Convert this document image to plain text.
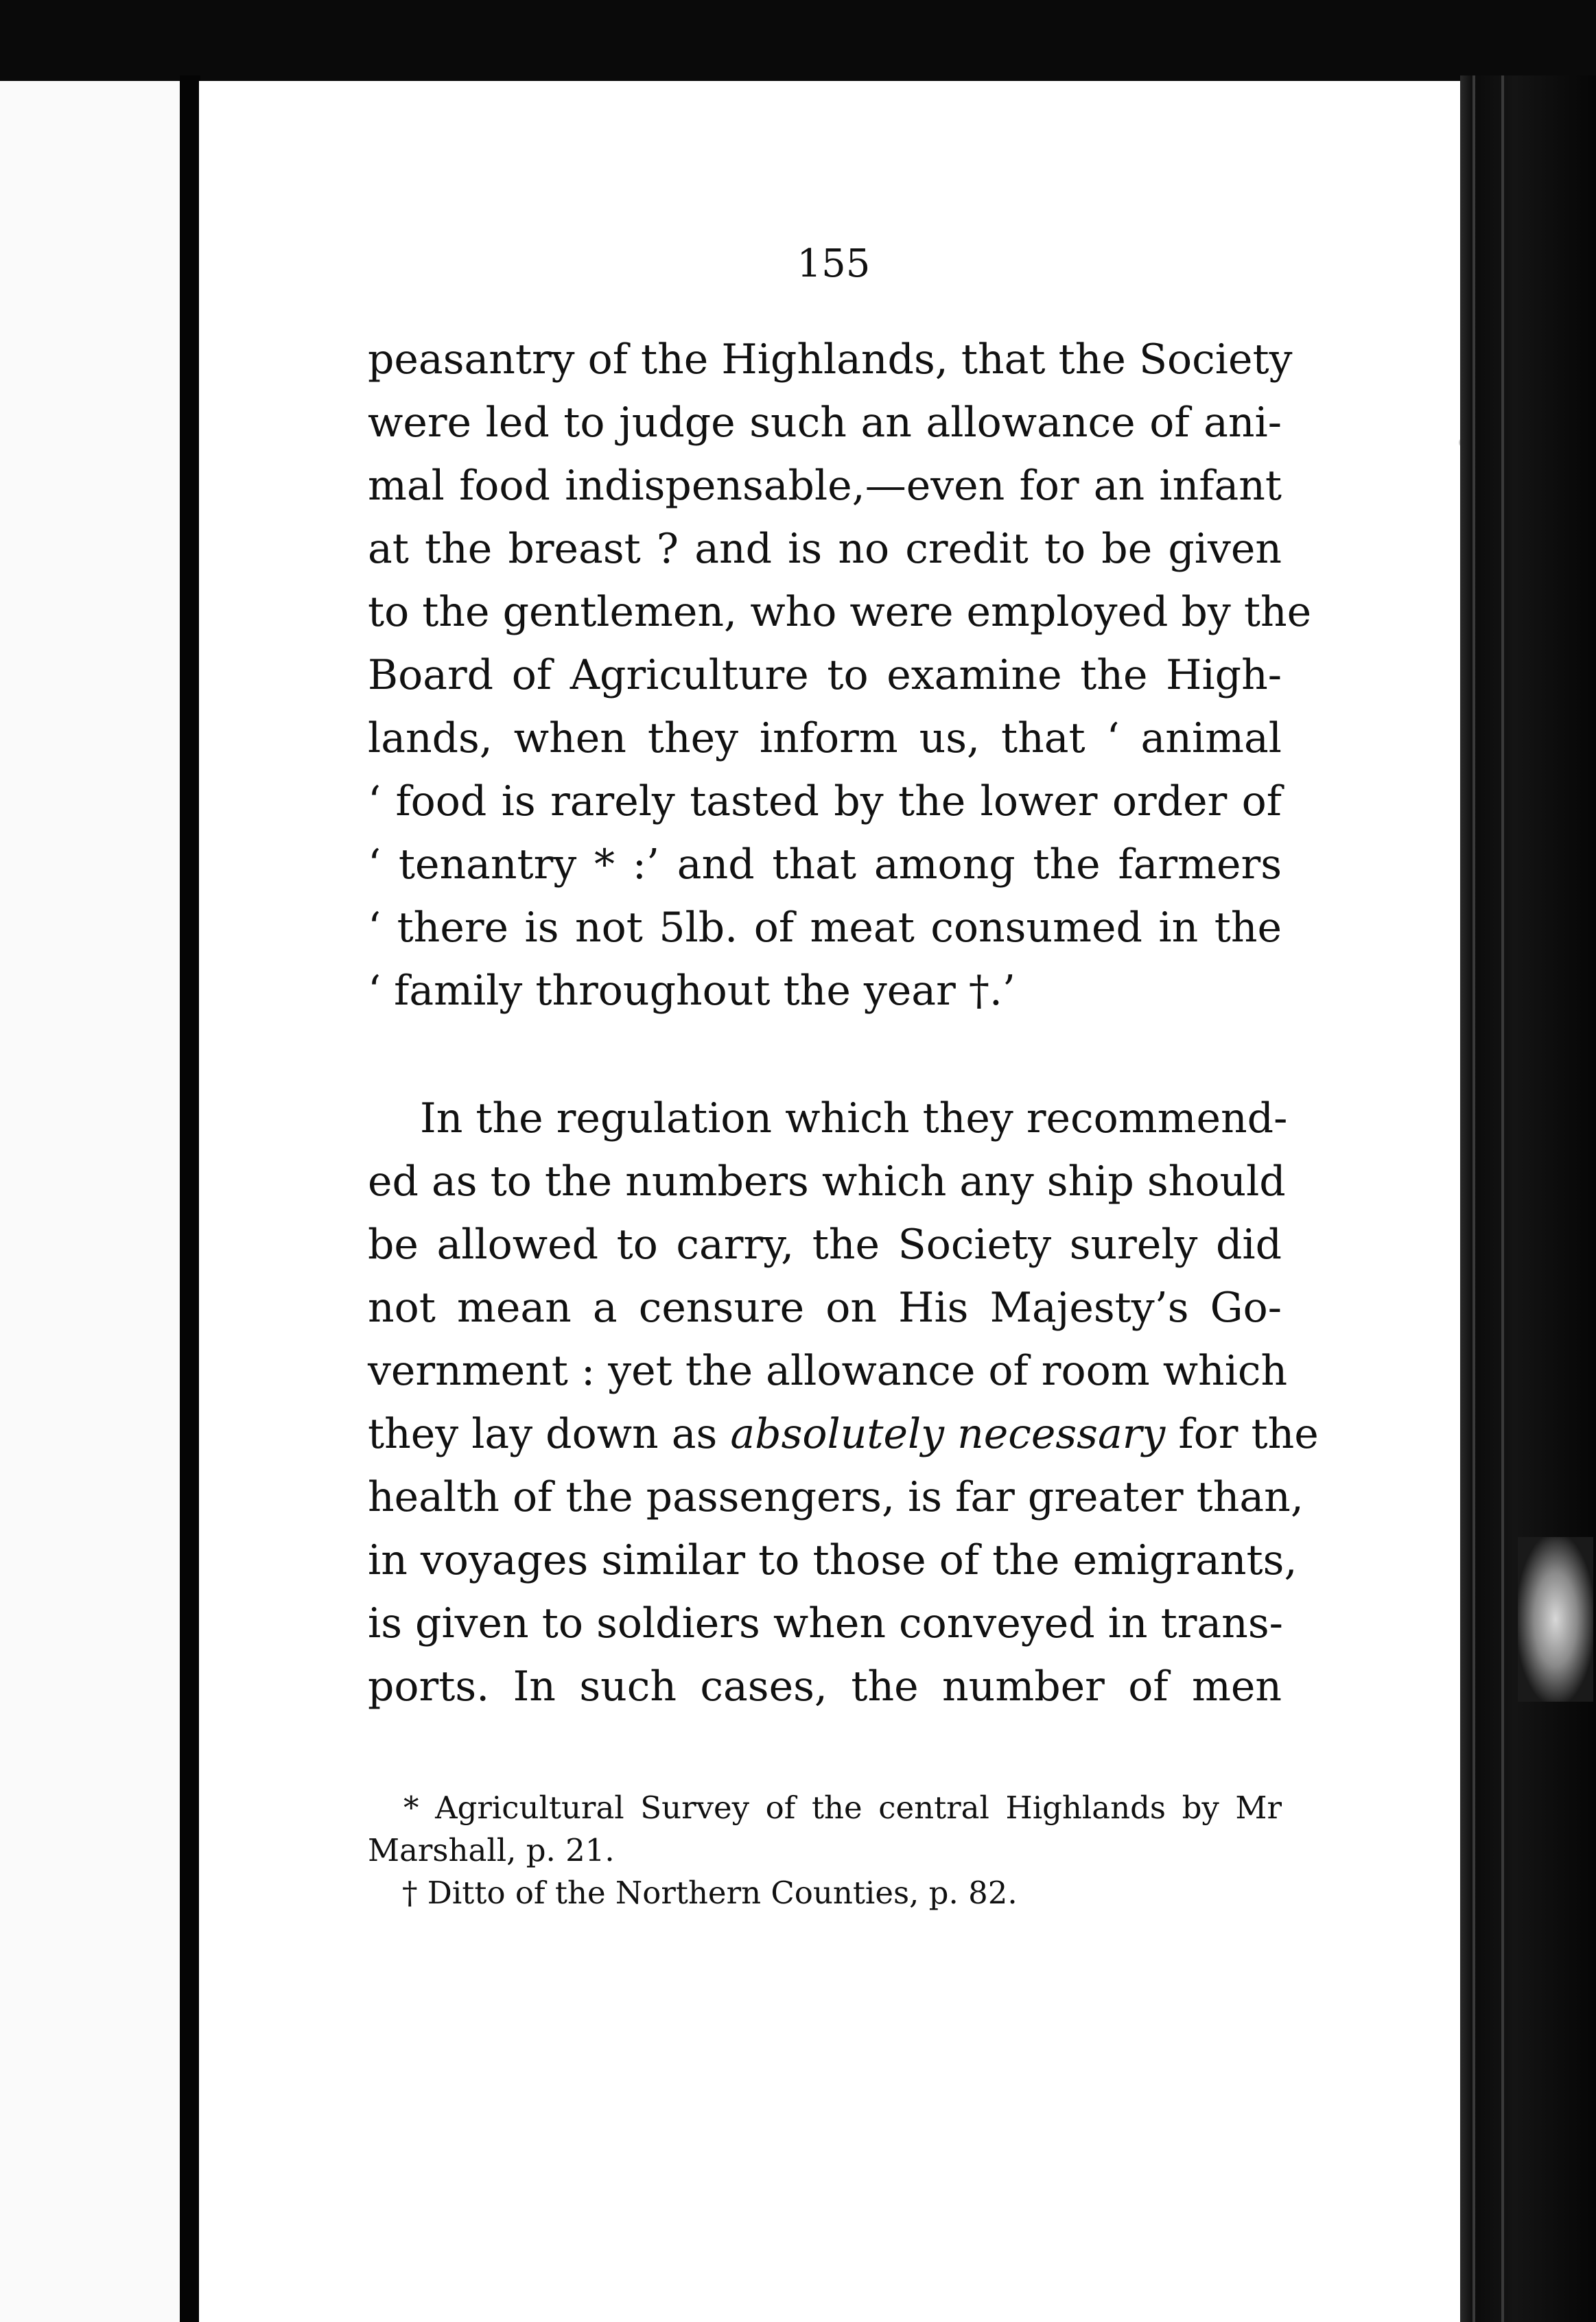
155
peasantry of the Highlands, that the Society
were led to judge such an allowance of ani-
mal food indispensable,—even for an infant
at the breast ? and is no credit to be given
to the gentlemen, who were employed by the
Board of Agriculture to examine the High-
lands, when they inform us, that ‘ animal
‘ food is rarely tasted by the lower order of
‘ tenantry * :’ and that among the farmers
‘ there is not 5lb. of meat consumed in the
‘ family throughout the year †.’
In the regulation which they recommend-
ed as to the numbers which any ship should
be allowed to carry, the Society surely did
not mean a censure on His Majesty’s Go-
vernment : yet the allowance of room which
they lay down as absolutely necessary for the
health of the passengers, is far greater than,
in voyages similar to those of the emigrants,
is given to soldiers when conveyed in trans-
ports. In such cases, the number of men
* Agricultural Survey of the central Highlands by Mr
Marshall, p. 21.
† Ditto of the Northern Counties, p. 82.
